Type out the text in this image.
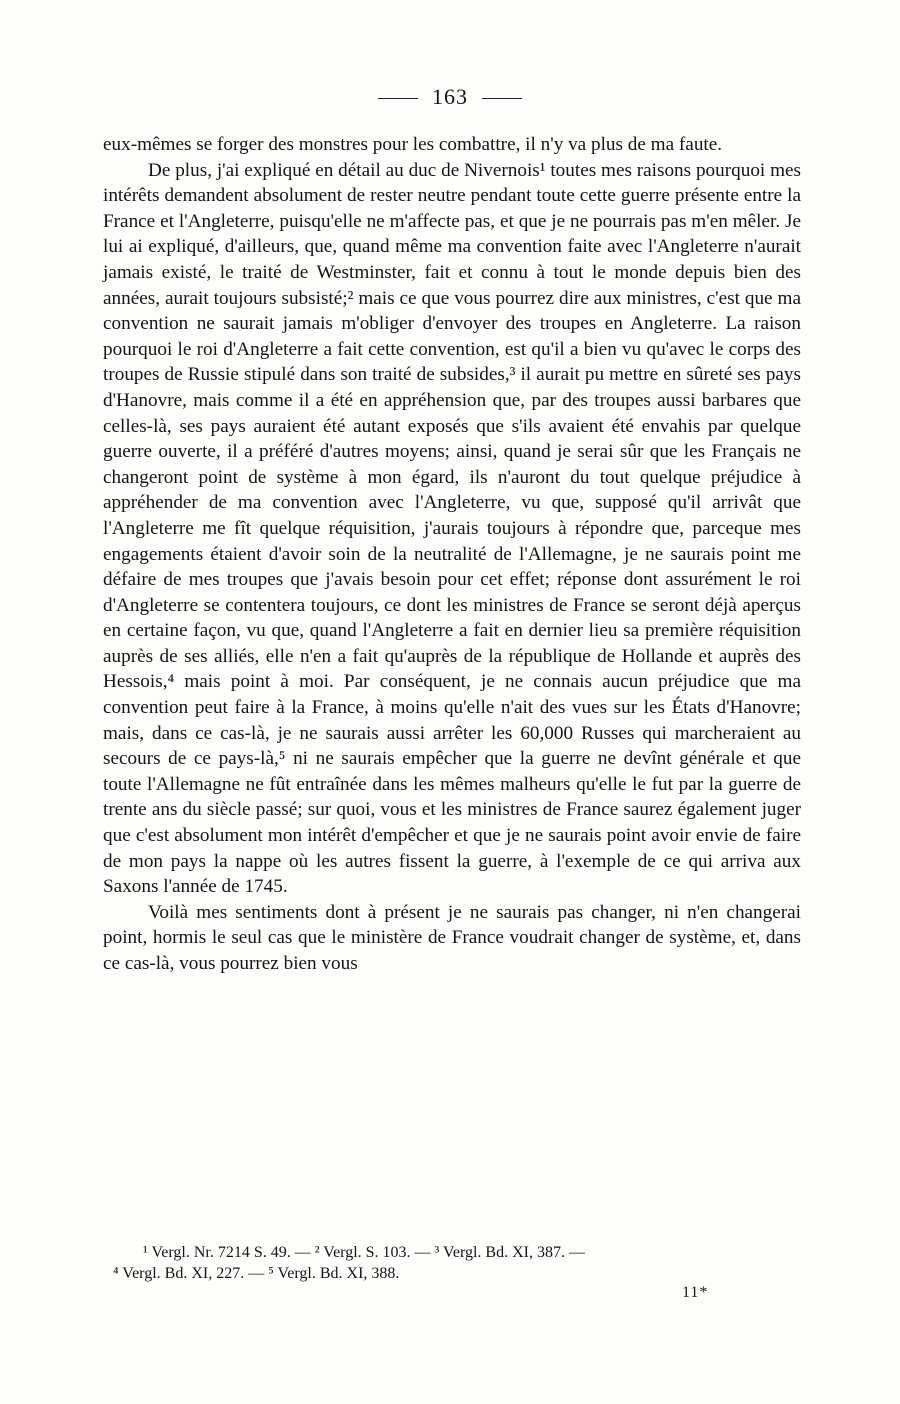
163

eux-mêmes se forger des monstres pour les combattre, il n'y va plus de ma faute.

De plus, j'ai expliqué en détail au duc de Nivernois¹ toutes mes raisons pourquoi mes intérêts demandent absolument de rester neutre pendant toute cette guerre présente entre la France et l'Angleterre, puisqu'elle ne m'affecte pas, et que je ne pourrais pas m'en mêler. Je lui ai expliqué, d'ailleurs, que, quand même ma convention faite avec l'Angleterre n'aurait jamais existé, le traité de Westminster, fait et connu à tout le monde depuis bien des années, aurait toujours subsisté;² mais ce que vous pourrez dire aux ministres, c'est que ma convention ne saurait jamais m'obliger d'envoyer des troupes en Angleterre. La raison pourquoi le roi d'Angleterre a fait cette convention, est qu'il a bien vu qu'avec le corps des troupes de Russie stipulé dans son traité de subsides,³ il aurait pu mettre en sûreté ses pays d'Hanovre, mais comme il a été en appréhension que, par des troupes aussi barbares que celles-là, ses pays auraient été autant exposés que s'ils avaient été envahis par quelque guerre ouverte, il a préféré d'autres moyens; ainsi, quand je serai sûr que les Français ne changeront point de système à mon égard, ils n'auront du tout quelque préjudice à appréhender de ma convention avec l'Angleterre, vu que, supposé qu'il arrivât que l'Angleterre me fît quelque réquisition, j'aurais toujours à répondre que, parceque mes engagements étaient d'avoir soin de la neutralité de l'Allemagne, je ne saurais point me défaire de mes troupes que j'avais besoin pour cet effet; réponse dont assurément le roi d'Angleterre se contentera toujours, ce dont les ministres de France se seront déjà aperçus en certaine façon, vu que, quand l'Angleterre a fait en dernier lieu sa première réquisition auprès de ses alliés, elle n'en a fait qu'auprès de la république de Hollande et auprès des Hessois,⁴ mais point à moi. Par conséquent, je ne connais aucun préjudice que ma convention peut faire à la France, à moins qu'elle n'ait des vues sur les États d'Hanovre; mais, dans ce cas-là, je ne saurais aussi arrêter les 60,000 Russes qui marcheraient au secours de ce pays-là,⁵ ni ne saurais empêcher que la guerre ne devînt générale et que toute l'Allemagne ne fût entraînée dans les mêmes malheurs qu'elle le fut par la guerre de trente ans du siècle passé; sur quoi, vous et les ministres de France saurez également juger que c'est absolument mon intérêt d'empêcher et que je ne saurais point avoir envie de faire de mon pays la nappe où les autres fissent la guerre, à l'exemple de ce qui arriva aux Saxons l'année de 1745.

Voilà mes sentiments dont à présent je ne saurais pas changer, ni n'en changerai point, hormis le seul cas que le ministère de France voudrait changer de système, et, dans ce cas-là, vous pourrez bien vous

¹ Vergl. Nr. 7214 S. 49. — ² Vergl. S. 103. — ³ Vergl. Bd. XI, 387. —

⁴ Vergl. Bd. XI, 227. — ⁵ Vergl. Bd. XI, 388.

11*
